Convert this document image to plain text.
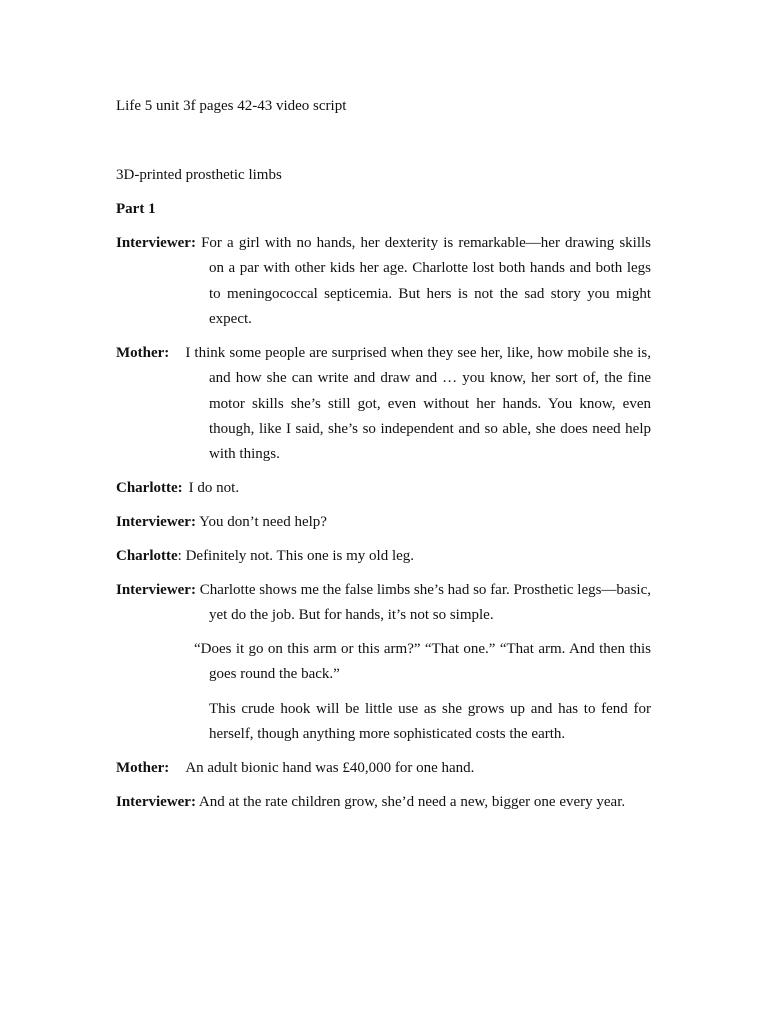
Life 5 unit 3f pages 42-43 video script
3D-printed prosthetic limbs
Part 1

Interviewer: For a girl with no hands, her dexterity is remarkable—her drawing skills on a par with other kids her age. Charlotte lost both hands and both legs to meningococcal septicemia. But hers is not the sad story you might expect.

Mother: I think some people are surprised when they see her, like, how mobile she is, and how she can write and draw and … you know, her sort of, the fine motor skills she’s still got, even without her hands. You know, even though, like I said, she’s so independent and so able, she does need help with things.

Charlotte: I do not.

Interviewer: You don’t need help?

Charlotte: Definitely not. This one is my old leg.

Interviewer: Charlotte shows me the false limbs she’s had so far. Prosthetic legs—basic, yet do the job. But for hands, it’s not so simple.

“Does it go on this arm or this arm?” “That one.” “That arm. And then this goes round the back.”

This crude hook will be little use as she grows up and has to fend for herself, though anything more sophisticated costs the earth.

Mother: An adult bionic hand was £40,000 for one hand.

Interviewer: And at the rate children grow, she’d need a new, bigger one every year.
